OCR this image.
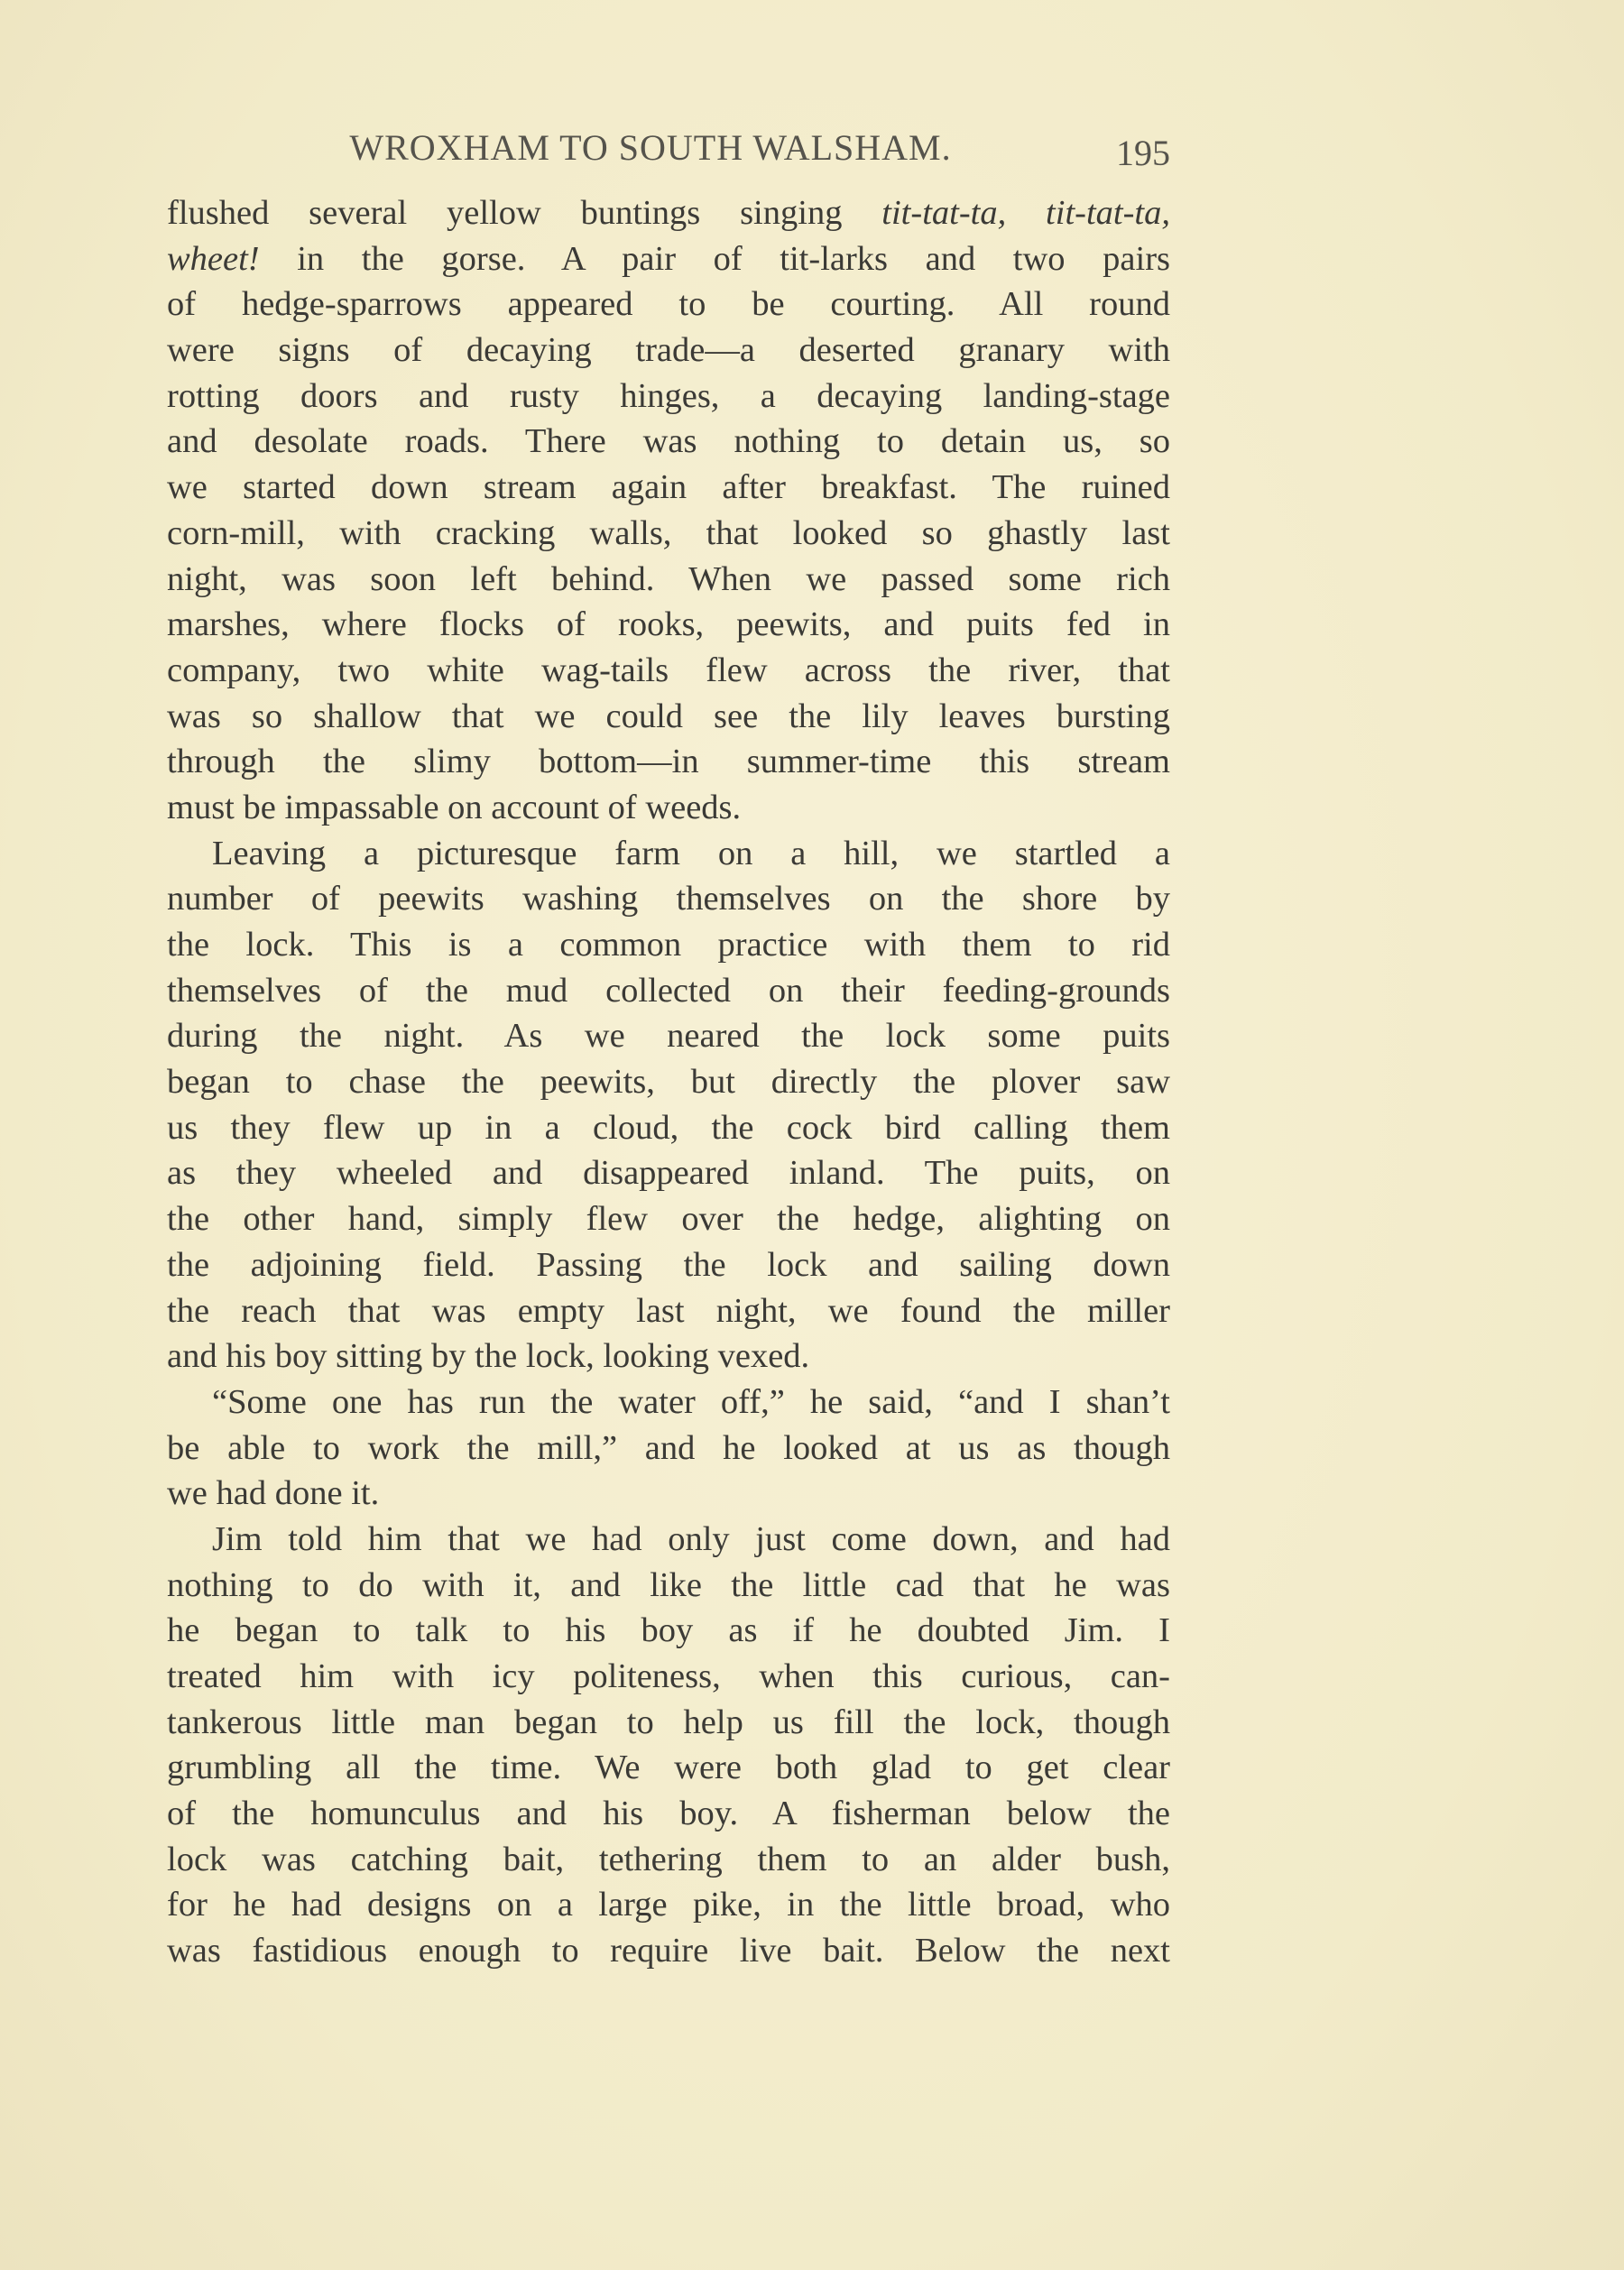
WROXHAM TO SOUTH WALSHAM.	195
flushed several yellow buntings singing tit-tat-ta, tit-tat-ta,
wheet! in the gorse. A pair of tit-larks and two pairs
of hedge-sparrows appeared to be courting. All round
were signs of decaying trade—a deserted granary with
rotting doors and rusty hinges, a decaying landing-stage
and desolate roads. There was nothing to detain us, so
we started down stream again after breakfast. The ruined
corn-mill, with cracking walls, that looked so ghastly last
night, was soon left behind. When we passed some rich
marshes, where flocks of rooks, peewits, and puits fed in
company, two white wag-tails flew across the river, that
was so shallow that we could see the lily leaves bursting
through the slimy bottom—in summer-time this stream
must be impassable on account of weeds.
Leaving a picturesque farm on a hill, we startled a
number of peewits washing themselves on the shore by
the lock. This is a common practice with them to rid
themselves of the mud collected on their feeding-grounds
during the night. As we neared the lock some puits
began to chase the peewits, but directly the plover saw
us they flew up in a cloud, the cock bird calling them
as they wheeled and disappeared inland. The puits, on
the other hand, simply flew over the hedge, alighting on
the adjoining field. Passing the lock and sailing down
the reach that was empty last night, we found the miller
and his boy sitting by the lock, looking vexed.
“Some one has run the water off,” he said, “and I shan’t
be able to work the mill,” and he looked at us as though
we had done it.
Jim told him that we had only just come down, and had
nothing to do with it, and like the little cad that he was
he began to talk to his boy as if he doubted Jim. I
treated him with icy politeness, when this curious, can-
tankerous little man began to help us fill the lock, though
grumbling all the time. We were both glad to get clear
of the homunculus and his boy. A fisherman below the
lock was catching bait, tethering them to an alder bush,
for he had designs on a large pike, in the little broad, who
was fastidious enough to require live bait. Below the next
